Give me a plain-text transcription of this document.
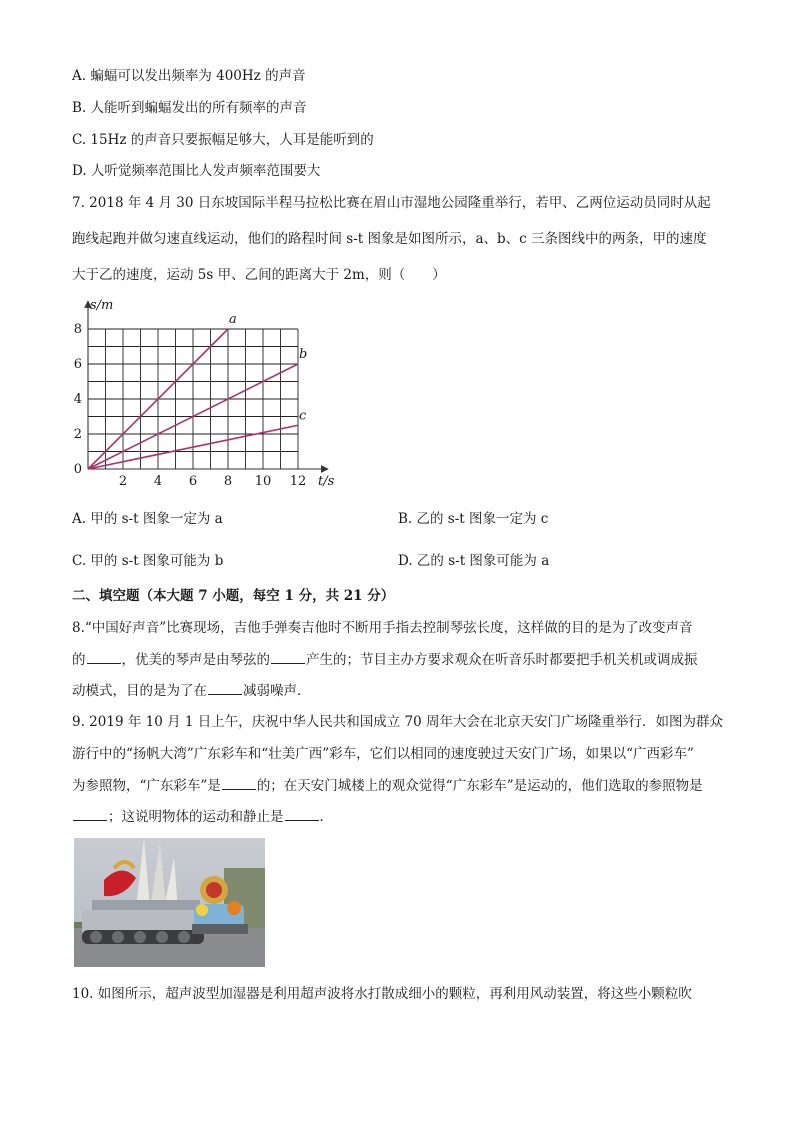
A. 蝙蝠可以发出频率为 400Hz 的声音
B. 人能听到蝙蝠发出的所有频率的声音
C. 15Hz 的声音只要振幅足够大，人耳是能听到的
D. 人听觉频率范围比人发声频率范围要大
7. 2018 年 4 月 30 日东坡国际半程马拉松比赛在眉山市湿地公园隆重举行，若甲、乙两位运动员同时从起
跑线起跑并做匀速直线运动，他们的路程时间 s-t 图象是如图所示，a、b、c 三条图线中的两条，甲的速度
大于乙的速度，运动 5s 甲、乙间的距离大于 2m，则（　　）
2 4 6 8 10 12
2
4
6
8
0
t/s
s/m
a
b
c
A. 甲的 s-t 图象一定为 a	B. 乙的 s-t 图象一定为 c
C. 甲的 s-t 图象可能为 b	D. 乙的 s-t 图象可能为 a
二、填空题（本大题 7 小题，每空 1 分，共 21 分）
8.“中国好声音”比赛现场，吉他手弹奏吉他时不断用手指去控制琴弦长度，这样做的目的是为了改变声音
的	，优美的琴声是由琴弦的	产生的；节目主办方要求观众在听音乐时都要把手机关机或调成振
动模式，目的是为了在	减弱噪声．
9. 2019 年 10 月 1 日上午，庆祝中华人民共和国成立 70 周年大会在北京天安门广场隆重举行．如图为群众
游行中的“扬帆大湾”广东彩车和“壮美广西”彩车，它们以相同的速度驶过天安门广场，如果以“广西彩车”
为参照物，“广东彩车”是	的；在天安门城楼上的观众觉得“广东彩车”是运动的，他们选取的参照物是
；这说明物体的运动和静止是	．
10. 如图所示，超声波型加湿器是利用超声波将水打散成细小的颗粒，再利用风动装置，将这些小颗粒吹
